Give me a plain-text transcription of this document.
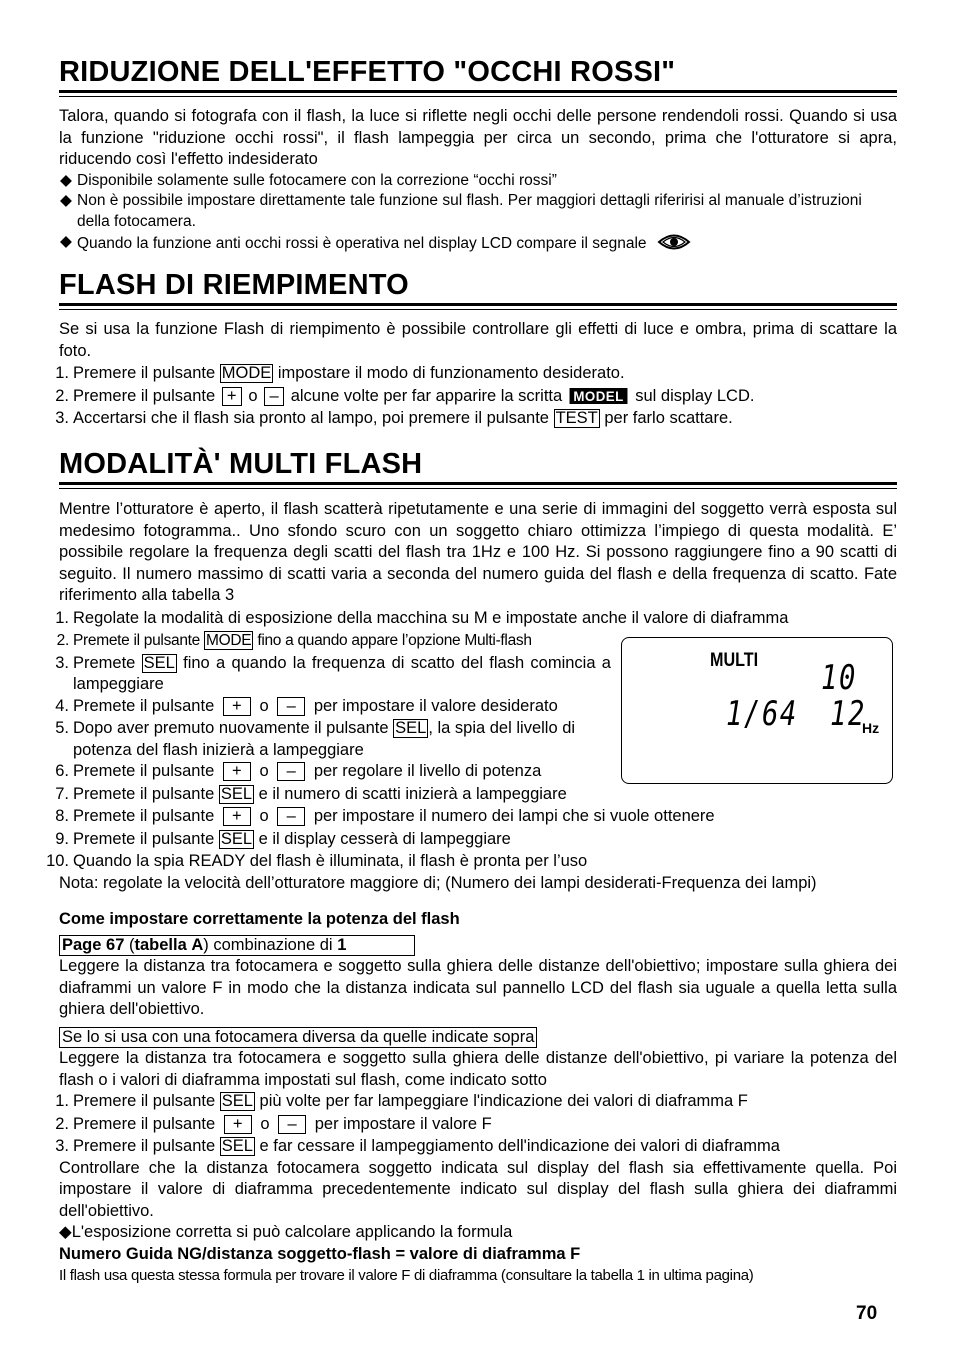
RIDUZIONE DELL'EFFETTO "OCCHI ROSSI"

Talora, quando si fotografa con il flash, la luce si riflette negli occhi delle persone rendendoli rossi. Quando si usa la funzione "riduzione occhi rossi", il flash lampeggia per circa un secondo, prima che l'otturatore si apra, riducendo così l'effetto indesiderato

◆ Disponibile solamente sulle fotocamere con la correzione “occhi rossi”
◆ Non è possibile impostare direttamente tale funzione sul flash. Per maggiori dettagli riferirisi al manuale d’istruzioni della fotocamera.
◆ Quando la funzione anti occhi rossi è operativa nel display LCD compare il segnale
FLASH DI RIEMPIMENTO

Se si usa la funzione Flash di riempimento è possibile controllare gli effetti di luce e ombra, prima di scattare la foto.

1. Premere il pulsante MODE impostare il modo di funzionamento desiderato.
2. Premere il pulsante + o – alcune volte per far apparire la scritta MODEL sul display LCD.
3. Accertarsi che il flash sia pronto al lampo, poi premere il pulsante TEST per farlo scattare.
MODALITÀ' MULTI FLASH

Mentre l’otturatore è aperto, il flash scatterà ripetutamente e una serie di immagini del soggetto verrà esposta sul medesimo fotogramma.. Uno sfondo scuro con un soggetto chiaro ottimizza l’impiego di questa modalità. E’ possibile regolare la frequenza degli scatti del flash tra 1Hz e 100 Hz. Si possono raggiungere fino a 90 scatti di seguito. Il numero massimo di scatti varia a seconda del numero guida del flash e della frequenza di scatto. Fate riferimento alla tabella 3

1. Regolate la modalità di esposizione della macchina su M e impostate anche il valore di diaframma
2. Premete il pulsante MODE fino a quando appare l’opzione Multi-flash
3. Premete SEL fino a quando la frequenza di scatto del flash comincia a lampeggiare
4. Premete il pulsante + o – per impostare il valore desiderato
5. Dopo aver premuto nuovamente il pulsante SEL , la spia del livello di potenza del flash inizierà a lampeggiare
6. Premete il pulsante + o – per regolare il livello di potenza
7. Premete il pulsante SEL e il numero di scatti inizierà a lampeggiare
8. Premete il pulsante + o – per impostare il numero dei lampi che si vuole ottenere
9. Premete il pulsante SEL e il display cesserà di lampeggiare
10. Quando la spia READY del flash è illuminata, il flash è pronta per l’uso

Nota: regolate la velocità dell’otturatore maggiore di; (Numero dei lampi desiderati-Frequenza dei lampi)

MULTI 10
1/64 12
Hz
Come impostare correttamente la potenza del flash
Page 67 (tabella A) combinazione di 1

Leggere la distanza tra fotocamera e soggetto sulla ghiera delle distanze dell'obiettivo; impostare sulla ghiera dei diaframmi un valore F in modo che la distanza indicata sul pannello LCD del flash sia uguale a quella letta sulla ghiera dell'obiettivo.

Se lo si usa con una fotocamera diversa da quelle indicate sopra

Leggere la distanza tra fotocamera e soggetto sulla ghiera delle distanze dell'obiettivo, pi variare la potenza del flash o i valori di diaframma impostati sul flash, come indicato sotto

1. Premere il pulsante SEL più volte per far lampeggiare l'indicazione dei valori di diaframma F
2. Premere il pulsante + o – per impostare il valore F
3. Premere il pulsante SEL e far cessare il lampeggiamento dell'indicazione dei valori di diaframma

Controllare che la distanza fotocamera soggetto indicata sul display del flash sia effettivamente quella. Poi impostare il valore di diaframma precedentemente indicato sul display del flash sulla ghiera dei diaframmi dell'obiettivo.

◆L'esposizione corretta si può calcolare applicando la formula
Numero Guida NG/distanza soggetto-flash = valore di diaframma F
Il flash usa questa stessa formula per trovare il valore F di diaframma (consultare la tabella 1 in ultima pagina)
70
